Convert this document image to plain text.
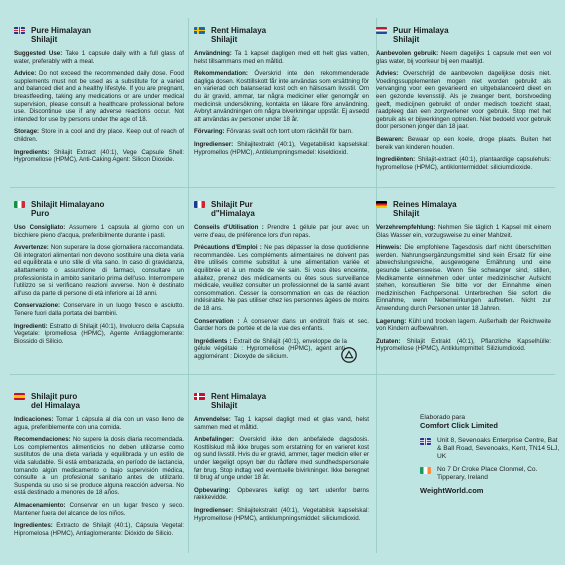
Pure Himalayan
Shilajit

Suggested Use: Take 1 capsule daily with a full glass of water, preferably with a meal.

Advice: Do not exceed the recommended daily dose. Food supplements must not be used as a substitute for a varied and balanced diet and a healthy lifestyle. If you are pregnant, breastfeeding, taking any medications or are under medical supervision, please consult a healthcare professional before use. Discontinue use if any adverse reactions occur. Not intended for use by persons under the age of 18.

Storage: Store in a cool and dry place. Keep out of reach of children.

Ingredients: Shilajit Extract (40:1), Vege Capsule Shell: Hypromellose (HPMC), Anti-Caking Agent: Silicon Dioxide.

Rent Himalaya
Shilajit

Användning: Ta 1 kapsel dagligen med ett helt glas vatten, helst tillsammans med en måltid.

Rekommendation: Överskrid inte den rekommenderade dagliga dosen. Kosttillskott får inte användas som ersättning för en varierad och balanserad kost och en hälsosam livsstil. Om du är gravid, ammar, tar några mediciner eller genomgår en medicinsk undersökning, kontakta en läkare före användning. Avbryt användningen om några biverkningar uppstår. Ej avsedd att användas av personer under 18 år.

Förvaring: Förvaras svalt och torrt utom räckhåll för barn.

Ingredienser: Shilajitextrakt (40:1), Vegetabiliskt kapselskal: Hypromellos (HPMC), Antiklumpningsmedel: kiseldioxid.

Puur Himalaya
Shilajit

Aanbevolen gebruik: Neem dagelijks 1 capsule met een vol glas water, bij voorkeur bij een maaltijd.

Advies: Overschrijd de aanbevolen dagelijkse dosis niet. Voedingssupplementen mogen niet worden gebruikt als vervanging voor een gevarieerd en uitgebalanceerd dieet en een gezonde levensstijl. Als je zwanger bent, borstvoeding geeft, medicijnen gebruikt of onder medisch toezicht staat, raadpleeg dan een zorgverlener voor gebruik. Stop met het gebruik als er bijwerkingen optreden. Niet bedoeld voor gebruik door personen jonger dan 18 jaar.

Bewaren: Bewaar op een koele, droge plaats. Buiten het bereik van kinderen houden.

Ingrediënten: Shilajit-extract (40:1), plantaardige capsulehuls: hypromellose (HPMC), antiklontermiddel: siliciumdioxide.

Shilajit Himalayano
Puro

Uso Consigliato: Assumere 1 capsula al giorno con un bicchiere pieno d'acqua, preferibilmente durante i pasti.

Avvertenze: Non superare la dose giornaliera raccomandata. Gli integratori alimentari non devono sostituire una dieta varia ed equilibrata e uno stile di vita sano. In caso di gravidanza, allattamento o assunzione di farmaci, consultare un professionista in ambito sanitario prima dell'uso. Interrompere l'utilizzo se si verificano reazioni avverse. Non è destinato all'uso da parte di persone di età inferiore ai 18 anni.

Conservazione: Conservare in un luogo fresco e asciutto. Tenere fuori dalla portata dei bambini.

Ingredienti: Estratto di Shilajit (40:1), Involucro della Capsula Vegetale: Ipromellosa (HPMC), Agente Antiagglomerante: Biossido di Silicio.

Shilajit Pur
d"Himalaya

Conseils d'Utilisation : Prendre 1 gélule par jour avec un verre d'eau, de préférence lors d'un repas.

Précautions d'Emploi : Ne pas dépasser la dose quotidienne recommandée. Les compléments alimentaires ne doivent pas être utilisés comme substitut à une alimentation variée et équilibrée et à un mode de vie sain. Si vous êtes enceinte, allaitez, prenez des médicaments ou êtes sous surveillance médicale, veuillez consulter un professionnel de la santé avant consommation. Cesser la consommation en cas de réaction indésirable. Ne pas utiliser chez les personnes âgées de moins de 18 ans.

Conservation : À conserver dans un endroit frais et sec. Garder hors de portée et de la vue des enfants.

Ingrédients : Extrait de Shilajit (40:1), enveloppe de la gélule végétale : Hypromellose (HPMC), agent anti-agglomérant : Dioxyde de silicium.

Reines Himalaya
Shilajit

Verzehrempfehlung: Nehmen Sie täglich 1 Kapsel mit einem Glas Wasser ein, vorzugsweise zu einer Mahlzeit.

Hinweis: Die empfohlene Tagesdosis darf nicht überschritten werden. Nahrungsergänzungsmittel sind kein Ersatz für eine abwechslungsreiche, ausgewogene Ernährung und eine gesunde Lebensweise. Wenn Sie schwanger sind, stillen, Medikamente einnehmen oder unter medizinischer Aufsicht stehen, konsultieren Sie bitte vor der Einnahme einen medizinischen Fachpersonal. Unterbrechen Sie sofort die Einnahme, wenn Nebenwirkungen auftreten. Nicht zur Anwendung durch Personen unter 18 Jahren.

Lagerung: Kühl und trocken lagern. Außerhalb der Reichweite von Kindern aufbewahren.

Zutaten: Shilajit Extrakt (40:1), Pflanzliche Kapselhülle: Hypromellose (HPMC), Antiklumpmittel: Siliziumdioxid.

Shilajit puro
del Himalaya

Indicaciones: Tomar 1 cápsula al día con un vaso lleno de agua, preferiblemente con una comida.

Recomendaciones: No supere la dosis diaria recomendada. Los complementos alimenticios no deben utilizarse como sustitutos de una dieta variada y equilibrada y un estilo de vida saludable. Si está embarazada, en período de lactancia, tomando algún medicamento o bajo supervisión médica, consulte a un profesional sanitario antes de utilizarlo. Suspenda su uso si se produce alguna reacción adversa. No está destinado a menores de 18 años.

Almacenamiento: Conservar en un lugar fresco y seco. Mantener fuera del alcance de los niños.

Ingredientes: Extracto de Shilajit (40:1), Cápsula Vegetal: Hipromelosa (HPMC), Antiaglomerante: Dióxido de Silicio.

Rent Himalaya
Shilajit

Anvendelse: Tag 1 kapsel dagligt med et glas vand, helst sammen med et måltid.

Anbefalinger: Overskrid ikke den anbefalede dagsdosis. Kosttilskud må ikke bruges som erstatning for en varieret kost og sund livsstil. Hvis du er gravid, ammer, tager medicin eller er under lægeligt opsyn bør du rådføre med sundhedspersonale før brug. Stop indtag ved eventuelle bivirkninger. Ikke beregnet til brug af unge under 18 år.

Opbevaring: Opbevares køligt og tørt udenfor børns rækkevidde.

Ingredienser: Shilajitekstrakt (40:1), Vegetabilsk kapselskal: Hypromellose (HPMC), antiklumpningsmiddel: siliciumdioxid.

Elaborado para
Comfort Click Limited
Unit 8, Sevenoaks Enterprise Centre, Bat & Ball Road, Sevenoaks, Kent, TN14 5LJ, UK
No 7 Dr Croke Place Clonmel, Co. Tipperary, Ireland
WeightWorld.com
